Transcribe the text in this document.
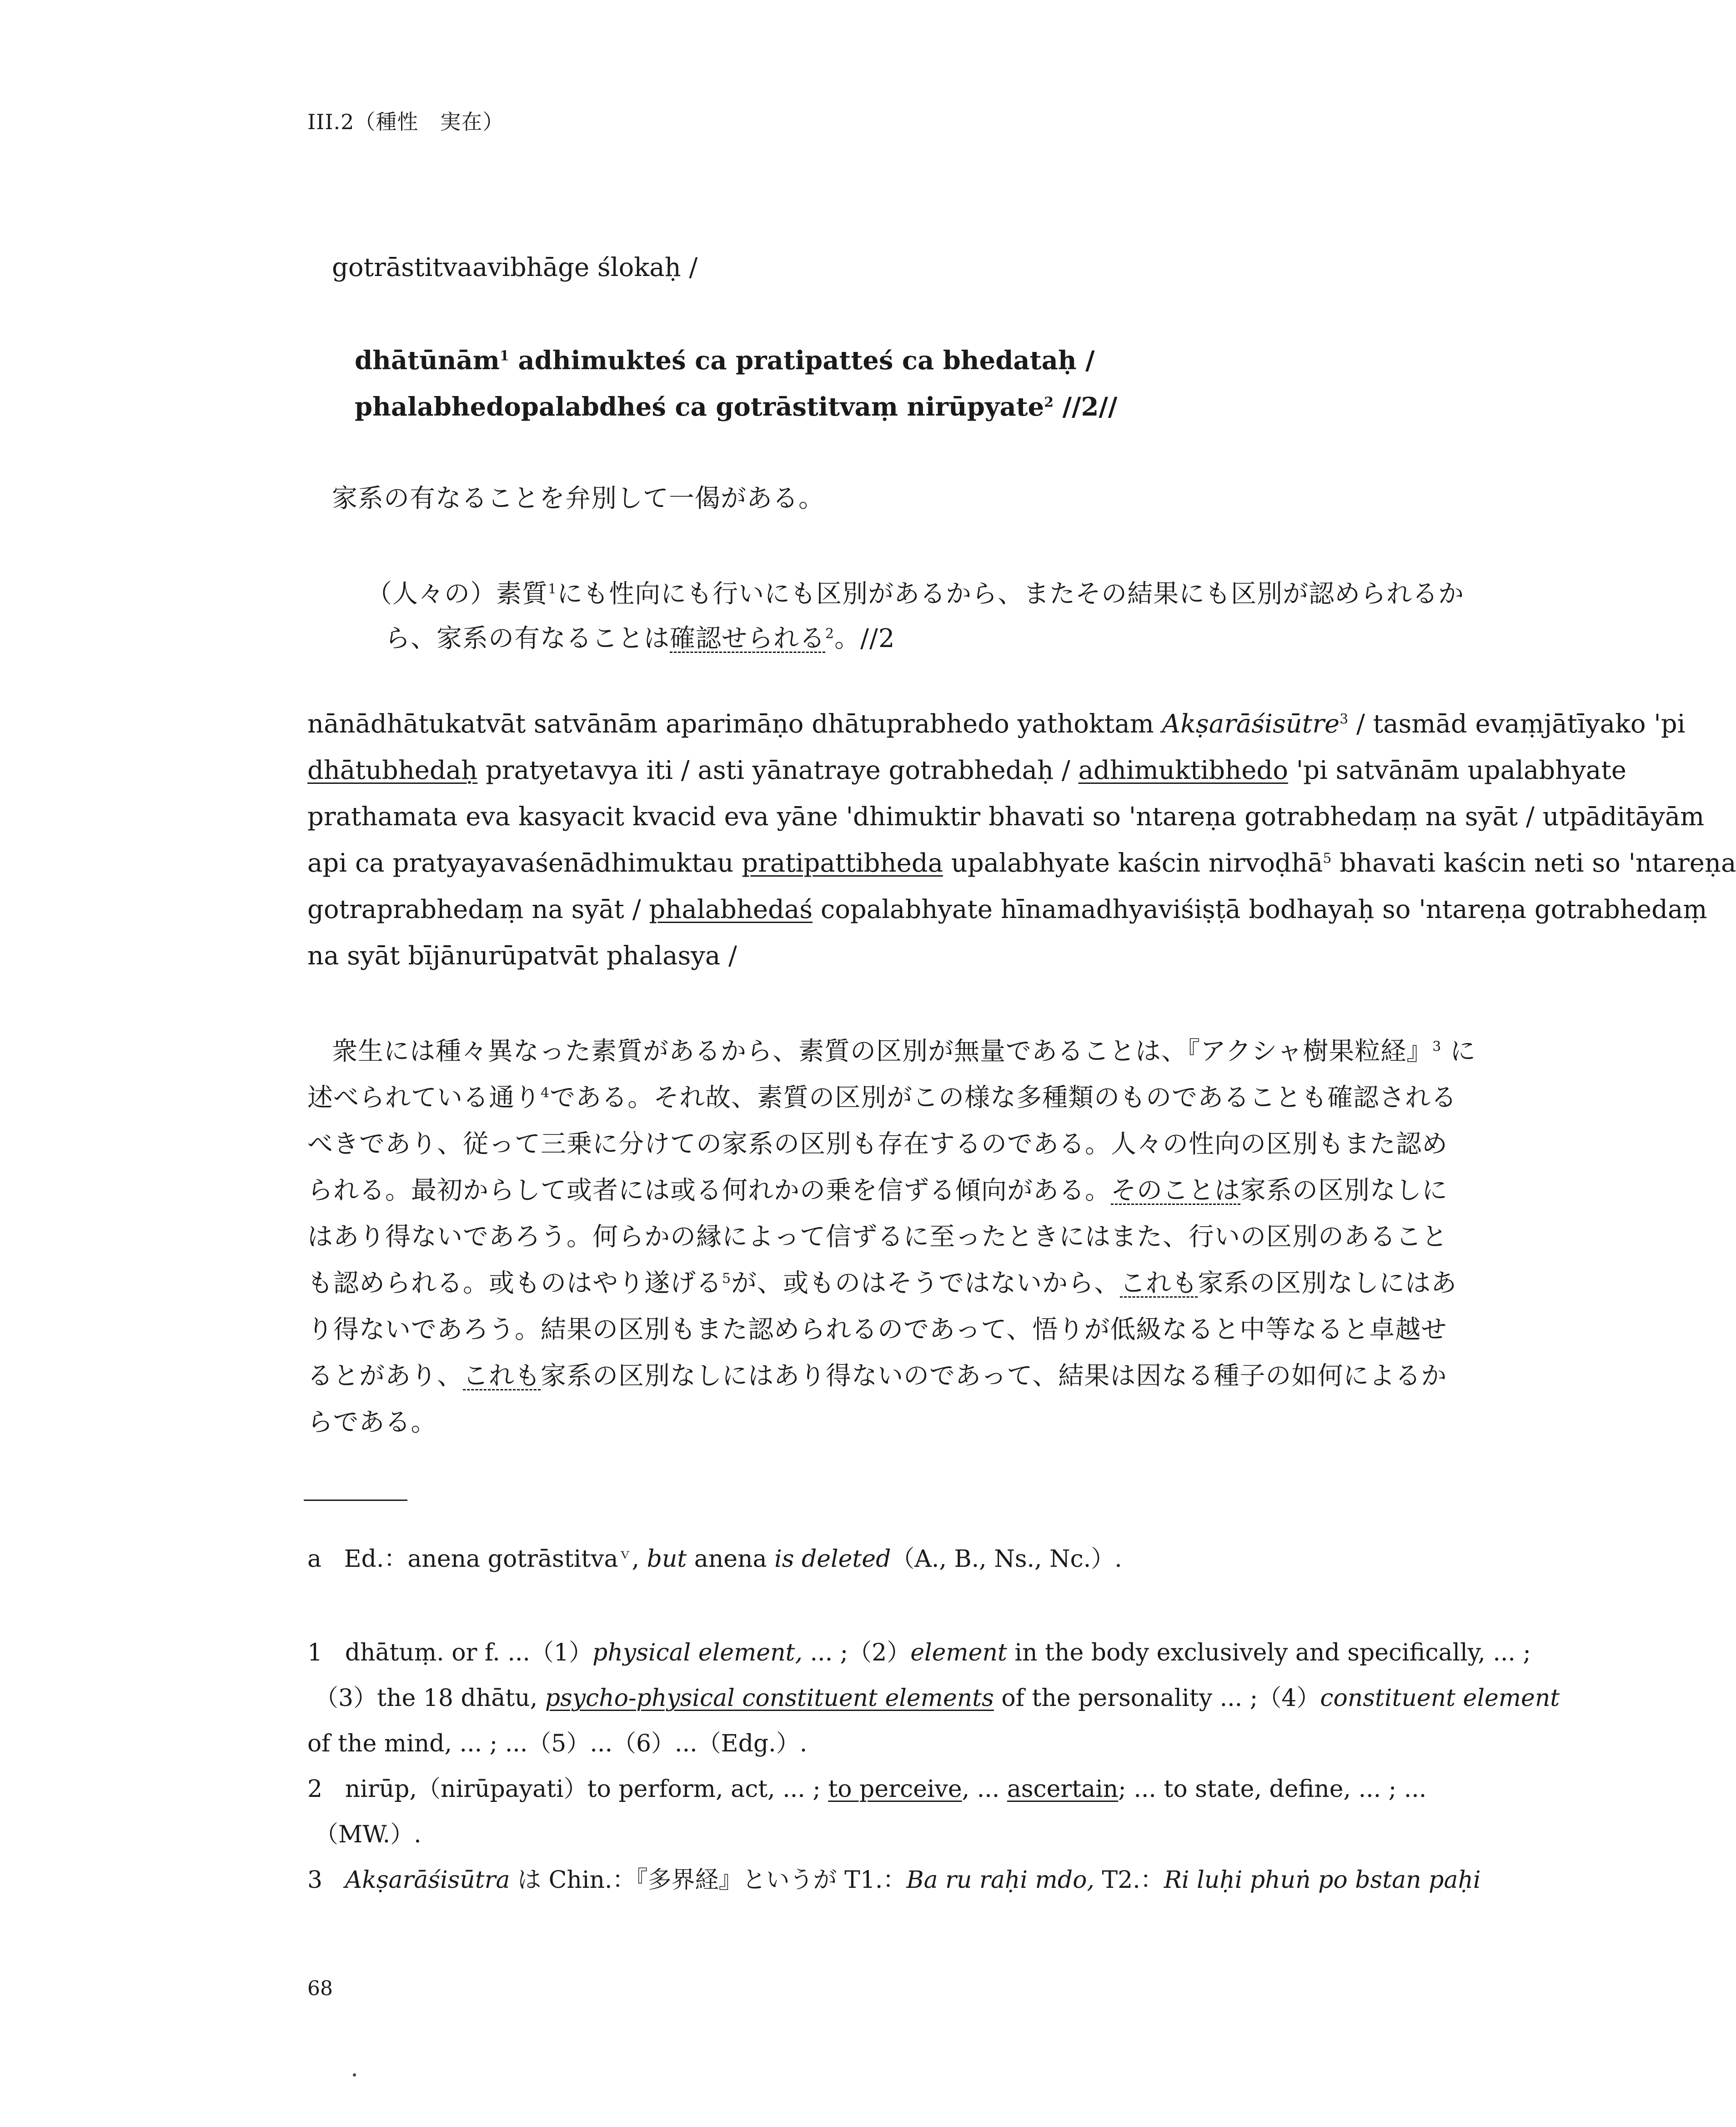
III.2（種性　実在）
gotrāstitvaavibhāge ślokaḥ /
dhātūnām$^1$ adhimukteś ca pratipatteś ca bhedataḥ /
phalabhedopalabdheś ca gotrāstitvaṃ nirūpyate$^2$ //2//
家系の有なることを弁別して一偈がある。
（人々の）素質$^1$にも性向にも行いにも区別があるから、またその結果にも区別が認められるか
ら、家系の有なることは確認せられる$^2$。//2
nānādhātukatvāt satvānām aparimāṇo dhātuprabhedo yathoktam Akṣarāśisūtre$^3$ / tasmād evaṃjātīyako 'pi
dhātubhedaḥ pratyetavya iti / asti yānatraye gotrabhedaḥ / adhimuktibhedo 'pi satvānām upalabhyate
prathamata eva kasyacit kvacid eva yāne 'dhimuktir bhavati so 'ntareṇa gotrabhedaṃ na syāt / utpāditāyām
api ca pratyayavaśenādhimuktau pratipattibheda upalabhyate kaścin nirvoḍhā$^5$ bhavati kaścin neti so 'ntareṇa
gotraprabhedaṃ na syāt / phalabhedaś copalabhyate hīnamadhyaviśiṣṭā bodhayaḥ so 'ntareṇa gotrabhedaṃ
na syāt bījānurūpatvāt phalasya /
衆生には種々異なった素質があるから、素質の区別が無量であることは、『アクシャ樹果粒経』$^3$ に
述べられている通り$^4$である。それ故、素質の区別がこの様な多種類のものであることも確認される
べきであり、従って三乗に分けての家系の区別も存在するのである。人々の性向の区別もまた認め
られる。最初からして或者には或る何れかの乗を信ずる傾向がある。そのことは家系の区別なしに
はあり得ないであろう。何らかの縁によって信ずるに至ったときにはまた、行いの区別のあること
も認められる。或ものはやり遂げる$^5$が、或ものはそうではないから、これも家系の区別なしにはあ
り得ないであろう。結果の区別もまた認められるのであって、悟りが低級なると中等なると卓越せ
るとがあり、これも家系の区別なしにはあり得ないのであって、結果は因なる種子の如何によるか
らである。
a Ed.：anena gotrāstitva$^v$, but anena is deleted（A., B., Ns., Nc.）.
1 dhātuṃ. or f. ...（1）physical element, ... ;（2）element in the body exclusively and specifically, ... ;
（3）the 18 dhātu, psycho-physical constituent elements of the personality ... ;（4）constituent element
of the mind, ... ; ...（5）...（6）...（Edg.）.
2 nirūp,（nirūpayati）to perform, act, ... ; to perceive, ... ascertain; ... to state, define, ... ; ...
（MW.）.
3 Akṣarāśisūtra は Chin.：『多界経』というが T1.：Ba ru raḥi mdo, T2.：Ri luḥi phuṅ po bstan paḥi
68
